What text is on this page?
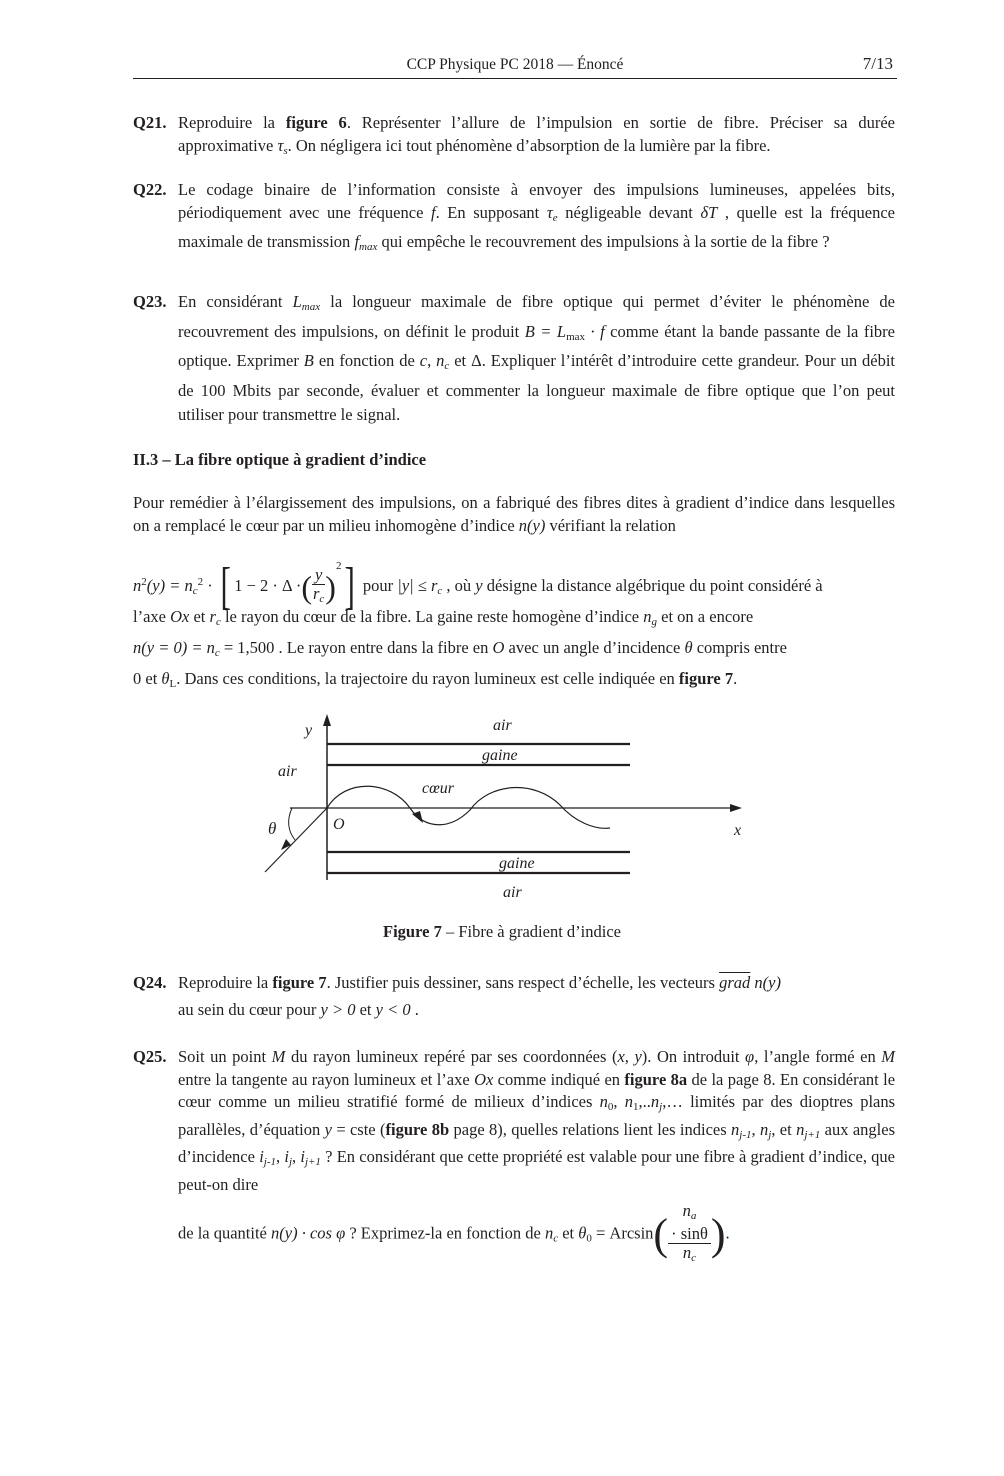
CCP Physique PC 2018 — Énoncé	7/13
Q21. Reproduire la figure 6. Représenter l’allure de l’impulsion en sortie de fibre. Préciser sa durée approximative $\tau_s$. On négligera ici tout phénomène d’absorption de la lumière par la fibre.
Q22. Le codage binaire de l’information consiste à envoyer des impulsions lumineuses, appelées bits, périodiquement avec une fréquence f. En supposant $\tau_e$ négligeable devant δT , quelle est la fréquence maximale de transmission $f_{max}$ qui empêche le recouvrement des impulsions à la sortie de la fibre ?
Q23. En considérant $L_{max}$ la longueur maximale de fibre optique qui permet d’éviter le phénomène de recouvrement des impulsions, on définit le produit $B = L_{max} \cdot f$ comme étant la bande passante de la fibre optique. Exprimer B en fonction de c, $n_c$ et Δ. Expliquer l’intérêt d’introduire cette grandeur. Pour un débit de 100 Mbits par seconde, évaluer et commenter la longueur maximale de fibre optique que l’on peut utiliser pour transmettre le signal.
II.3 – La fibre optique à gradient d’indice
Pour remédier à l’élargissement des impulsions, on a fabriqué des fibres dites à gradient d’indice dans lesquelles on a remplacé le cœur par un milieu inhomogène d’indice n(y) vérifiant la relation
$n^2(y) = n_c^2$ · [ 1 − 2 · Δ ·( $\frac{y}{r_c} )^2$] pour $|y| \le r_c$ , où y désigne la distance algébrique du point considéré à
l’axe Ox et $r_c$ le rayon du cœur de la fibre. La gaine reste homogène d’indice $n_g$ et on a encore
$n(y = 0) = n_c = 1,500$ . Le rayon entre dans la fibre en O avec un angle d’incidence θ compris entre
0 et $\theta_L$. Dans ces conditions, la trajectoire du rayon lumineux est celle indiquée en figure 7.
y	air
gaine
air
cœur
θ	O	x
gaine
air
Figure 7 – Fibre à gradient d’indice
Q24. Reproduire la figure 7. Justifier puis dessiner, sans respect d’échelle, les vecteurs grad n(y)
au sein du cœur pour y > 0 et y < 0 .
Q25. Soit un point M du rayon lumineux repéré par ses coordonnées (x, y). On introduit φ, l’angle formé en M entre la tangente au rayon lumineux et l’axe Ox comme indiqué en figure 8a de la page 8. En considérant le cœur comme un milieu stratifié formé de milieux d’indices $n_0$, $n_1,..n_j,\dots$ limités par des dioptres plans parallèles, d’équation y = cste (figure 8b page 8), quelles relations lient les indices $n_{j-1}$, $n_j$, et $n_{j+1}$ aux angles d’incidence $i_{j-1}$, $i_j$, $i_{j+1}$ ? En considérant que cette propriété est valable pour une fibre à gradient d’indice, que peut-on dire
de la quantité n(y) · cos φ ? Exprimez-la en fonction de $n_c$ et $\theta_0 = Arcsin$( $n_a$
· sinθ
$n_c$ ).
